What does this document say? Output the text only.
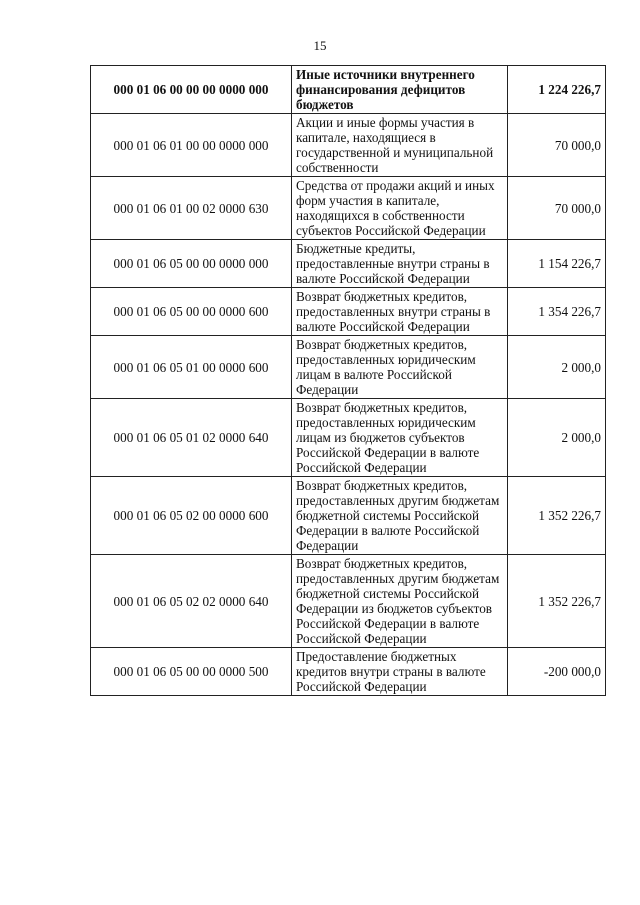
15
000 01 06 00 00 00 0000 000	Иные источники внутреннего финансирования дефицитов бюджетов	1 224 226,7
000 01 06 01 00 00 0000 000	Акции и иные формы участия в капитале, находящиеся в государственной и муниципальной собственности	70 000,0
000 01 06 01 00 02 0000 630	Средства от продажи акций и иных форм участия в капитале, находящихся в собственности субъектов Российской Федерации	70 000,0
000 01 06 05 00 00 0000 000	Бюджетные кредиты, предоставленные внутри страны в валюте Российской Федерации	1 154 226,7
000 01 06 05 00 00 0000 600	Возврат бюджетных кредитов, предоставленных внутри страны в валюте Российской Федерации	1 354 226,7
000 01 06 05 01 00 0000 600	Возврат бюджетных кредитов, предоставленных юридическим лицам в валюте Российской Федерации	2 000,0
000 01 06 05 01 02 0000 640	Возврат бюджетных кредитов, предоставленных юридическим лицам из бюджетов субъектов Российской Федерации в валюте Российской Федерации	2 000,0
000 01 06 05 02 00 0000 600	Возврат бюджетных кредитов, предоставленных другим бюджетам бюджетной системы Российской Федерации в валюте Российской Федерации	1 352 226,7
000 01 06 05 02 02 0000 640	Возврат бюджетных кредитов, предоставленных другим бюджетам бюджетной системы Российской Федерации из бюджетов субъектов Российской Федерации в валюте Российской Федерации	1 352 226,7
000 01 06 05 00 00 0000 500	Предоставление бюджетных кредитов внутри страны в валюте Российской Федерации	-200 000,0
